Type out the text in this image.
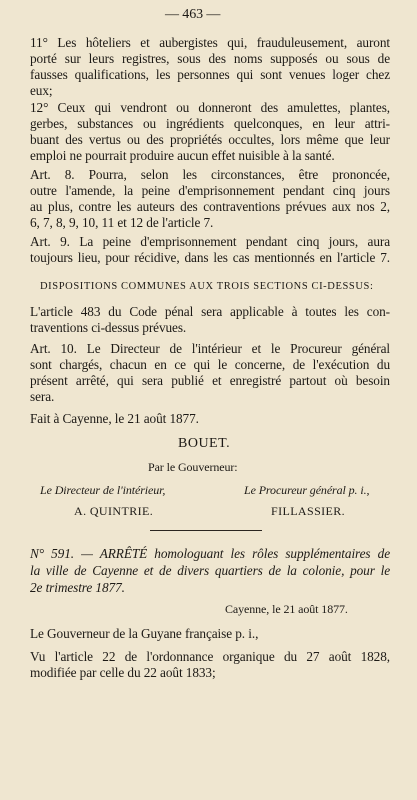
— 463 —
11° Les hôteliers et aubergistes qui, frauduleusement, auront
porté sur leurs registres, sous des noms supposés ou sous de
fausses qualifications, les personnes qui sont venues loger chez
eux;
12° Ceux qui vendront ou donneront des amulettes, plantes,
gerbes, substances ou ingrédients quelconques, en leur attri-
buant des vertus ou des propriétés occultes, lors même que leur
emploi ne pourrait produire aucun effet nuisible à la santé.
Art. 8. Pourra, selon les circonstances, être prononcée,
outre l'amende, la peine d'emprisonnement pendant cinq jours
au plus, contre les auteurs des contraventions prévues aux nos 2,
6, 7, 8, 9, 10, 11 et 12 de l'article 7.
Art. 9. La peine d'emprisonnement pendant cinq jours, aura
toujours lieu, pour récidive, dans les cas mentionnés en l'article 7.
DISPOSITIONS COMMUNES AUX TROIS SECTIONS CI-DESSUS:
L'article 483 du Code pénal sera applicable à toutes les con-
traventions ci-dessus prévues.
Art. 10. Le Directeur de l'intérieur et le Procureur général
sont chargés, chacun en ce qui le concerne, de l'exécution du
présent arrêté, qui sera publié et enregistré partout où besoin
sera.
Fait à Cayenne, le 21 août 1877.
BOUET.
Par le Gouverneur:
Le Directeur de l'intérieur,	Le Procureur général p. i.,
A. QUINTRIE.	FILLASSIER.
N° 591. — ARRÊTÉ homologuant les rôles supplémentaires de
la ville de Cayenne et de divers quartiers de la colonie, pour le
2e trimestre 1877.
Cayenne, le 21 août 1877.
Le Gouverneur de la Guyane française p. i.,
Vu l'article 22 de l'ordonnance organique du 27 août 1828,
modifiée par celle du 22 août 1833;
